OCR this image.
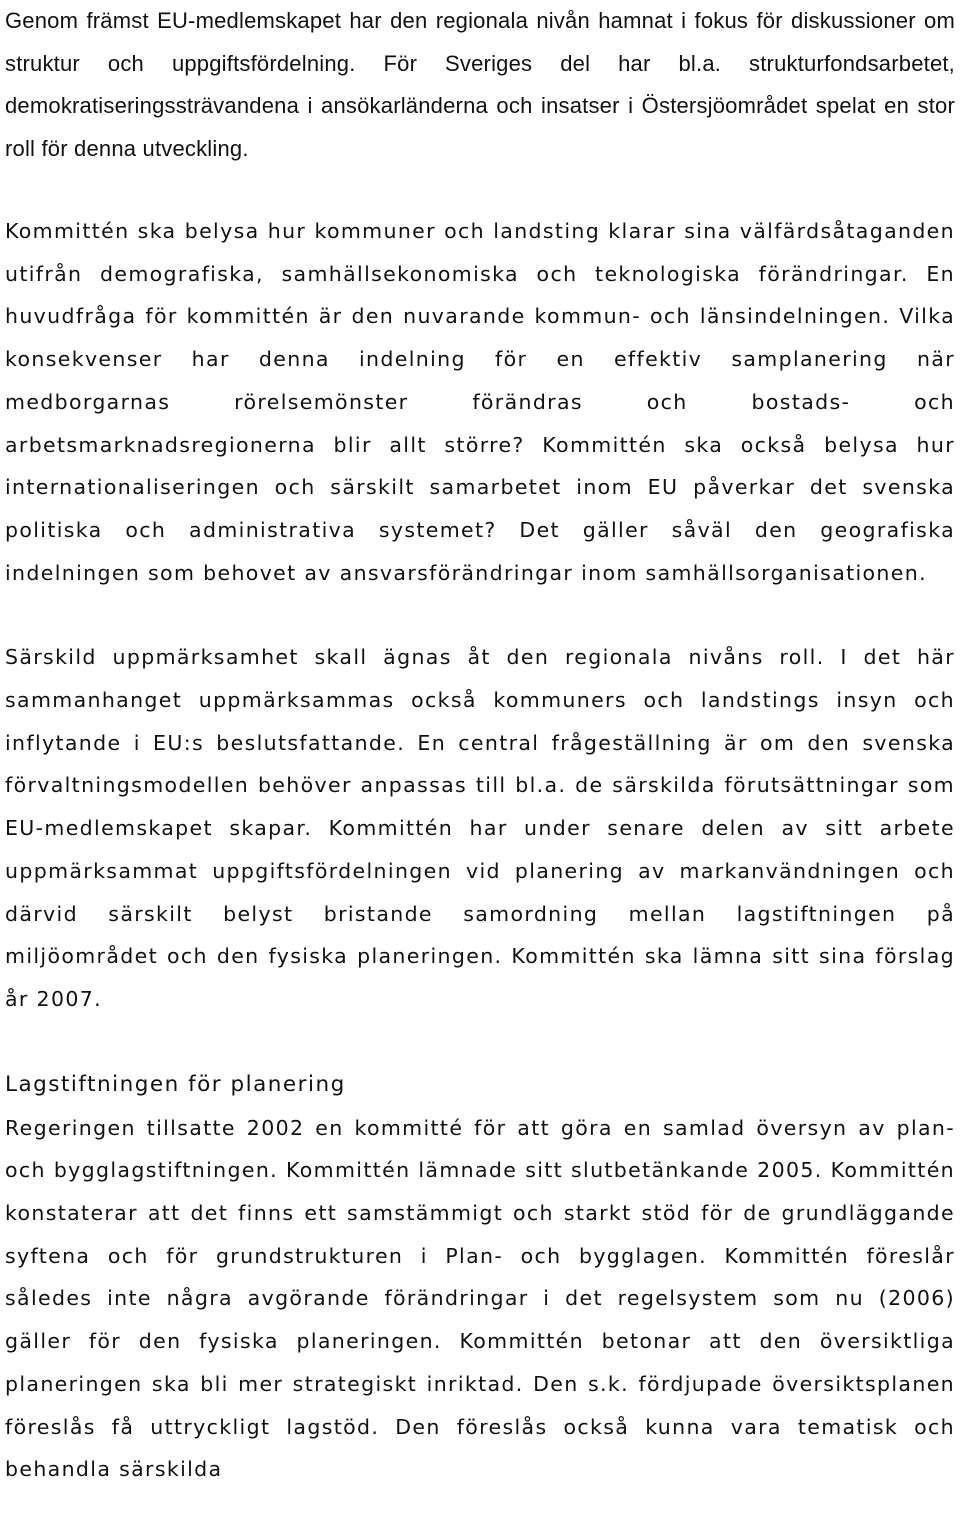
Genom främst EU-medlemskapet har den regionala nivån hamnat i fokus för diskussioner om struktur och uppgiftsfördelning. För Sveriges del har bl.a. strukturfondsarbetet, demokratiseringssträvandena i ansökarländerna och insatser i Östersjöområdet spelat en stor roll för denna utveckling.

Kommittén ska belysa hur kommuner och landsting klarar sina välfärdsåtaganden utifrån demografiska, samhällsekonomiska och teknologiska förändringar. En huvudfråga för kommittén är den nuvarande kommun- och länsindelningen. Vilka konsekvenser har denna indelning för en effektiv samplanering när medborgarnas rörelsemönster förändras och bostads- och arbetsmarknadsregionerna blir allt större? Kommittén ska också belysa hur internationaliseringen och särskilt samarbetet inom EU påverkar det svenska politiska och administrativa systemet? Det gäller såväl den geografiska indelningen som behovet av ansvarsförändringar inom samhällsorganisationen.

Särskild uppmärksamhet skall ägnas åt den regionala nivåns roll. I det här sammanhanget uppmärksammas också kommuners och landstings insyn och inflytande i EU:s beslutsfattande. En central frågeställning är om den svenska förvaltningsmodellen behöver anpassas till bl.a. de särskilda förutsättningar som EU-medlemskapet skapar. Kommittén har under senare delen av sitt arbete uppmärksammat uppgiftsfördelningen vid planering av markanvändningen och därvid särskilt belyst bristande samordning mellan lagstiftningen på miljöområdet och den fysiska planeringen. Kommittén ska lämna sitt sina förslag år 2007.

Lagstiftningen för planering

Regeringen tillsatte 2002 en kommitté för att göra en samlad översyn av plan- och bygglagstiftningen. Kommittén lämnade sitt slutbetänkande 2005. Kommittén konstaterar att det finns ett samstämmigt och starkt stöd för de grundläggande syftena och för grundstrukturen i Plan- och bygglagen. Kommittén föreslår således inte några avgörande förändringar i det regelsystem som nu (2006) gäller för den fysiska planeringen. Kommittén betonar att den översiktliga planeringen ska bli mer strategiskt inriktad. Den s.k. fördjupade översiktsplanen föreslås få uttryckligt lagstöd. Den föreslås också kunna vara tematisk och behandla särskilda
